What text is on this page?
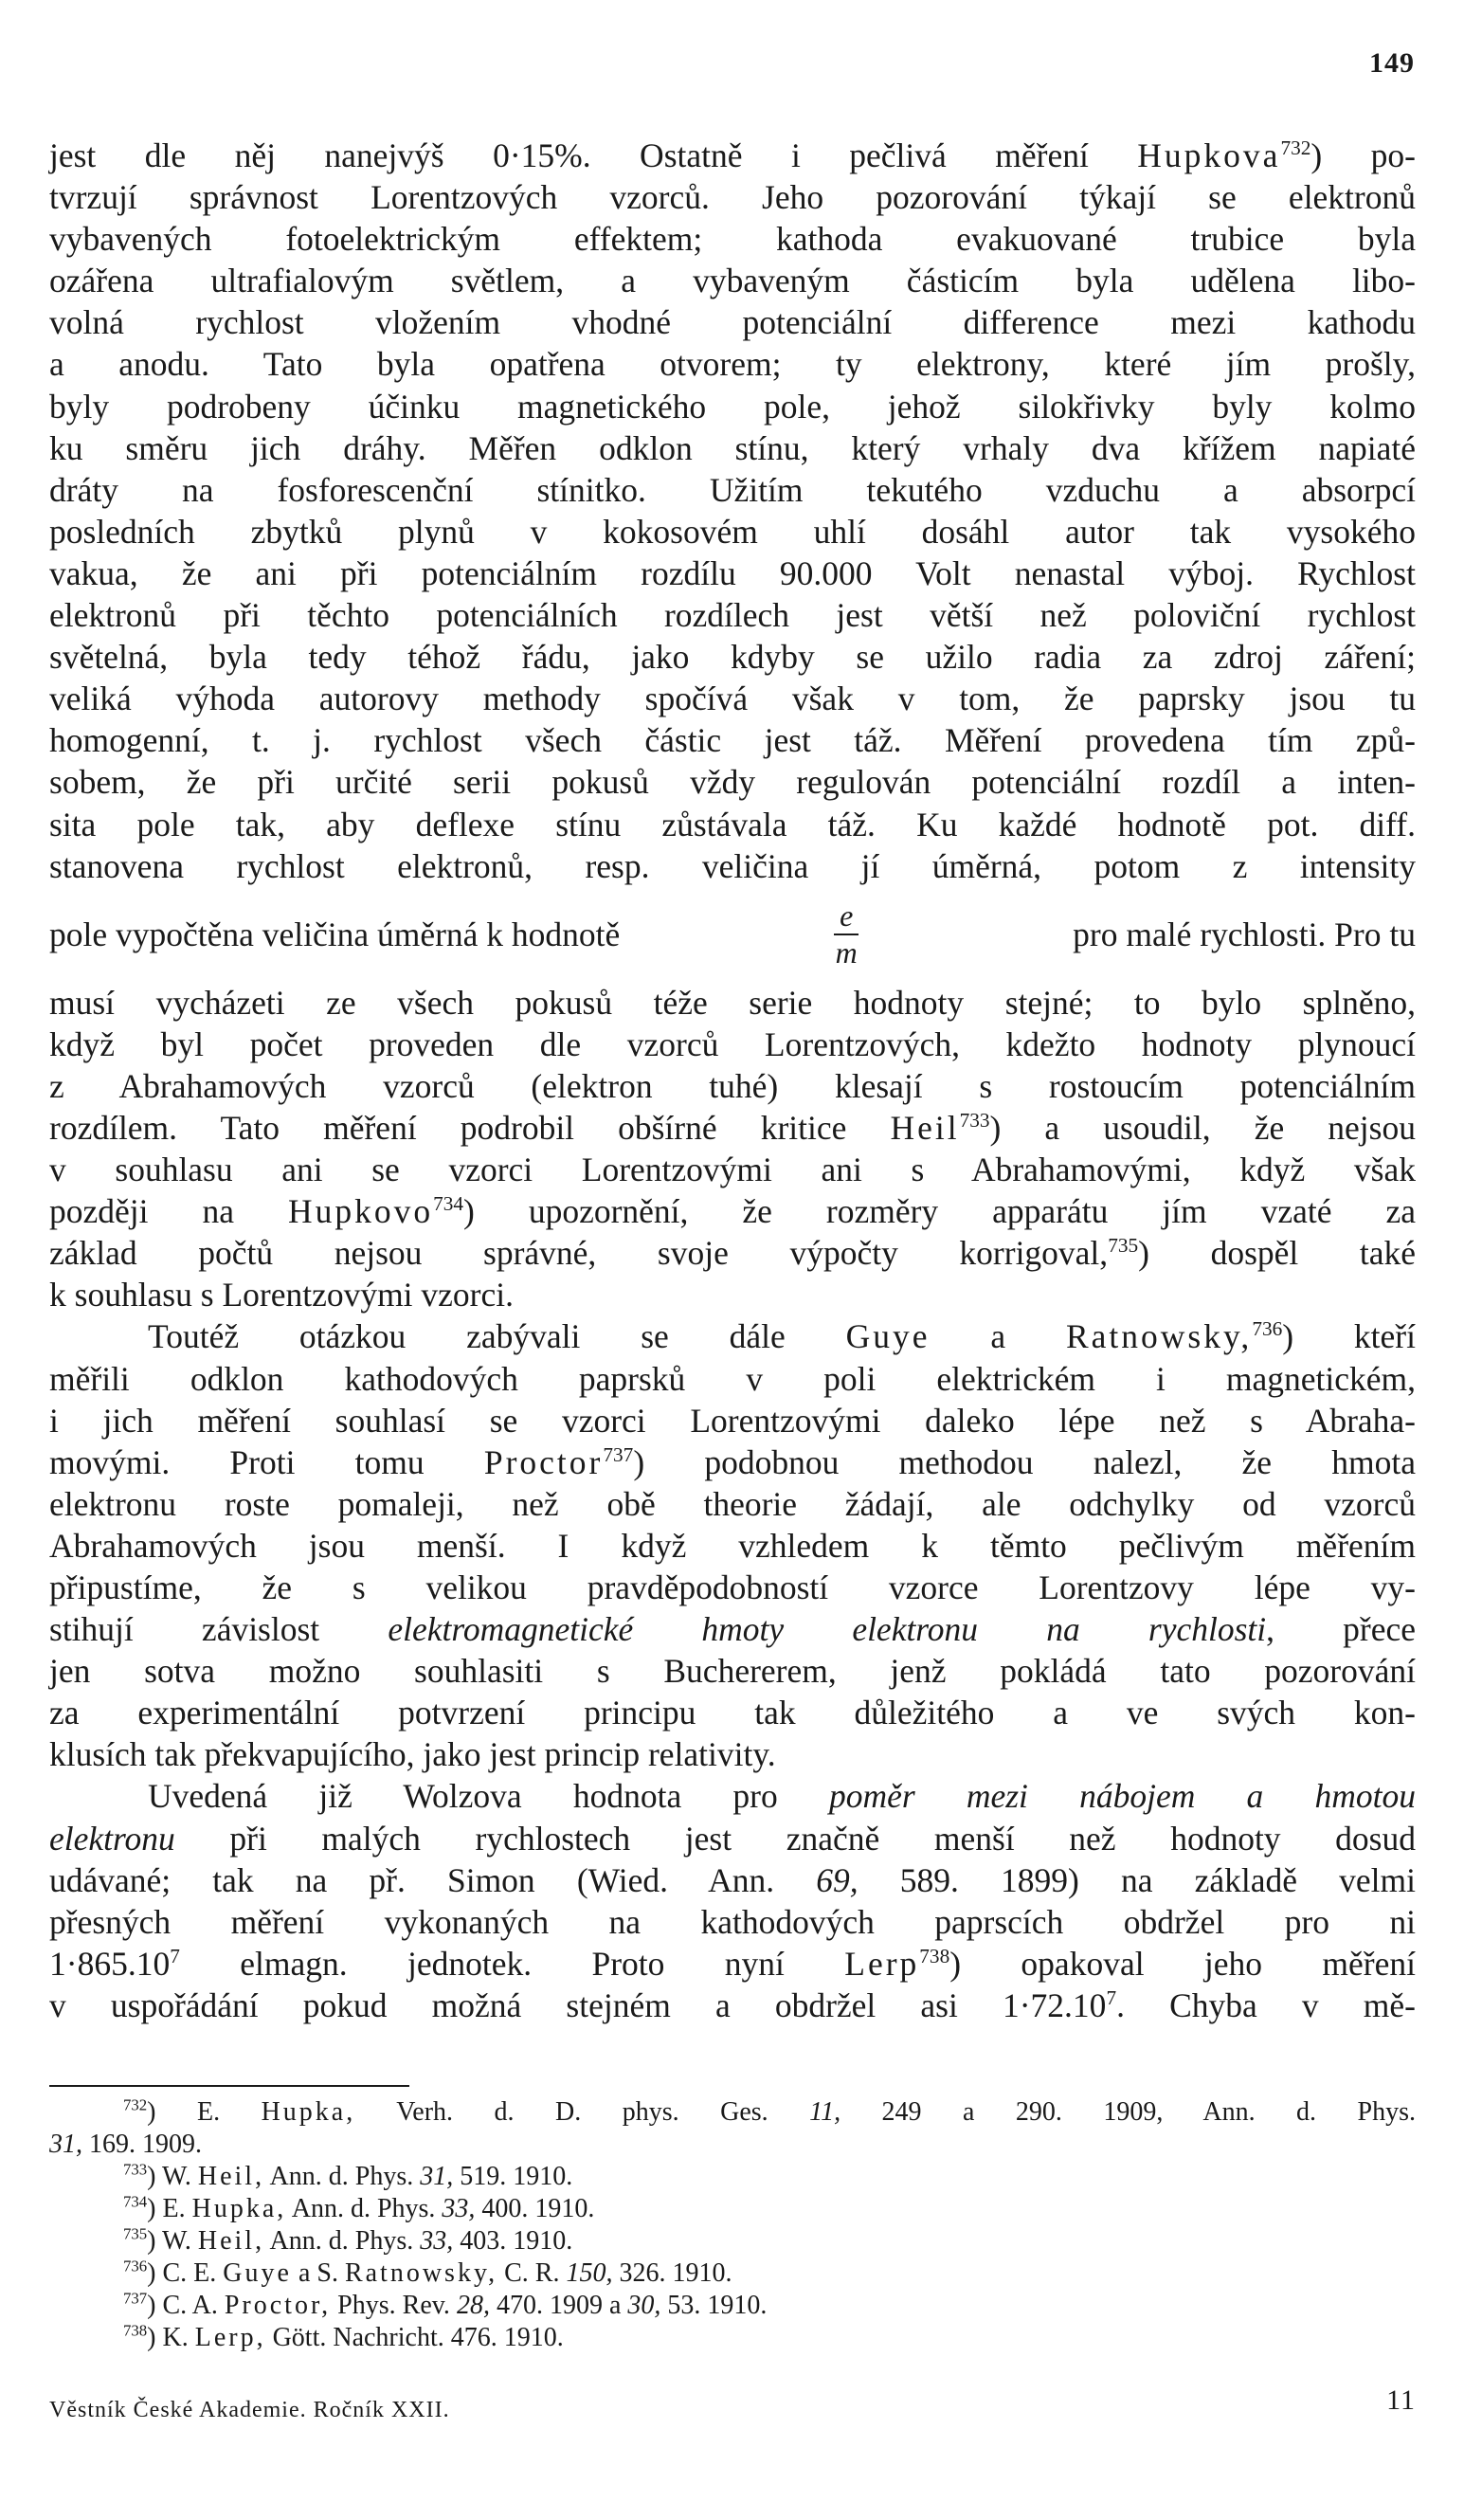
149
jest dle něj nanejvýš 0·15%. Ostatně i pečlivá měření Hupkova$^{732}$) po-
tvrzují správnost Lorentzových vzorců. Jeho pozorování týkají se elektronů
vybavených fotoelektrickým effektem; kathoda evakuované trubice byla
ozářena ultrafialovým světlem, a vybaveným částicím byla udělena libo-
volná rychlost vložením vhodné potenciální difference mezi kathodu
a anodu. Tato byla opatřena otvorem; ty elektrony, které jím prošly,
byly podrobeny účinku magnetického pole, jehož silokřivky byly kolmo
ku směru jich dráhy. Měřen odklon stínu, který vrhaly dva křížem napiaté
dráty na fosforescenční stínitko. Užitím tekutého vzduchu a absorpcí
posledních zbytků plynů v kokosovém uhlí dosáhl autor tak vysokého
vakua, že ani při potenciálním rozdílu 90.000 Volt nenastal výboj. Rychlost
elektronů při těchto potenciálních rozdílech jest větší než poloviční rychlost
světelná, byla tedy téhož řádu, jako kdyby se užilo radia za zdroj záření;
veliká výhoda autorovy methody spočívá však v tom, že paprsky jsou tu
homogenní, t. j. rychlost všech částic jest táž. Měření provedena tím způ-
sobem, že při určité serii pokusů vždy regulován potenciální rozdíl a inten-
sita pole tak, aby deflexe stínu zůstávala táž. Ku každé hodnotě pot. diff.
stanovena rychlost elektronů, resp. veličina jí úměrná, potom z intensity
pole vypočtěna veličina úměrná k hodnotě	$\frac{e}{m}$	pro malé rychlosti. Pro tu
musí vycházeti ze všech pokusů téže serie hodnoty stejné; to bylo splněno,
když byl počet proveden dle vzorců Lorentzových, kdežto hodnoty plynoucí
z Abrahamových vzorců (elektron tuhé) klesají s rostoucím potenciálním
rozdílem. Tato měření podrobil obšírné kritice Heil$^{733}$) a usoudil, že nejsou
v souhlasu ani se vzorci Lorentzovými ani s Abrahamovými, když však
později na Hupkovo$^{734}$) upozornění, že rozměry apparátu jím vzaté za
základ počtů nejsou správné, svoje výpočty korrigoval,$^{735}$) dospěl také
k souhlasu s Lorentzovými vzorci.
Toutéž otázkou zabývali se dále Guye a Ratnowsky,$^{736}$) kteří
měřili odklon kathodových paprsků v poli elektrickém i magnetickém,
i jich měření souhlasí se vzorci Lorentzovými daleko lépe než s Abraha-
movými. Proti tomu Proctor$^{737}$) podobnou methodou nalezl, že hmota
elektronu roste pomaleji, než obě theorie žádají, ale odchylky od vzorců
Abrahamových jsou menší. I když vzhledem k těmto pečlivým měřením
připustíme, že s velikou pravděpodobností vzorce Lorentzovy lépe vy-
stihují závislost elektromagnetické hmoty elektronu na rychlosti, přece
jen sotva možno souhlasiti s Buchererem, jenž pokládá tato pozorování
za experimentální potvrzení principu tak důležitého a ve svých kon-
klusích tak překvapujícího, jako jest princip relativity.
Uvedená již Wolzova hodnota pro poměr mezi nábojem a hmotou
elektronu při malých rychlostech jest značně menší než hodnoty dosud
udávané; tak na př. Simon (Wied. Ann. 69, 589. 1899) na základě velmi
přesných měření vykonaných na kathodových paprscích obdržel pro ni
$1\cdot 865.10^7$ elmagn. jednotek. Proto nyní Lerp$^{738}$) opakoval jeho měření
v uspořádání pokud možná stejném a obdržel asi $1\cdot 72.10^7$. Chyba v mě-
$^{732}$) E. Hupka, Verh. d. D. phys. Ges. 11, 249 a 290. 1909, Ann. d. Phys.
31, 169. 1909.
$^{733}$) W. Heil, Ann. d. Phys. 31, 519. 1910.
$^{734}$) E. Hupka, Ann. d. Phys. 33, 400. 1910.
$^{735}$) W. Heil, Ann. d. Phys. 33, 403. 1910.
$^{736}$) C. E. Guye a S. Ratnowsky, C. R. 150, 326. 1910.
$^{737}$) C. A. Proctor, Phys. Rev. 28, 470. 1909 a 30, 53. 1910.
$^{738}$) K. Lerp, Gött. Nachricht. 476. 1910.
Věstník České Akademie. Ročník XXII.	11
